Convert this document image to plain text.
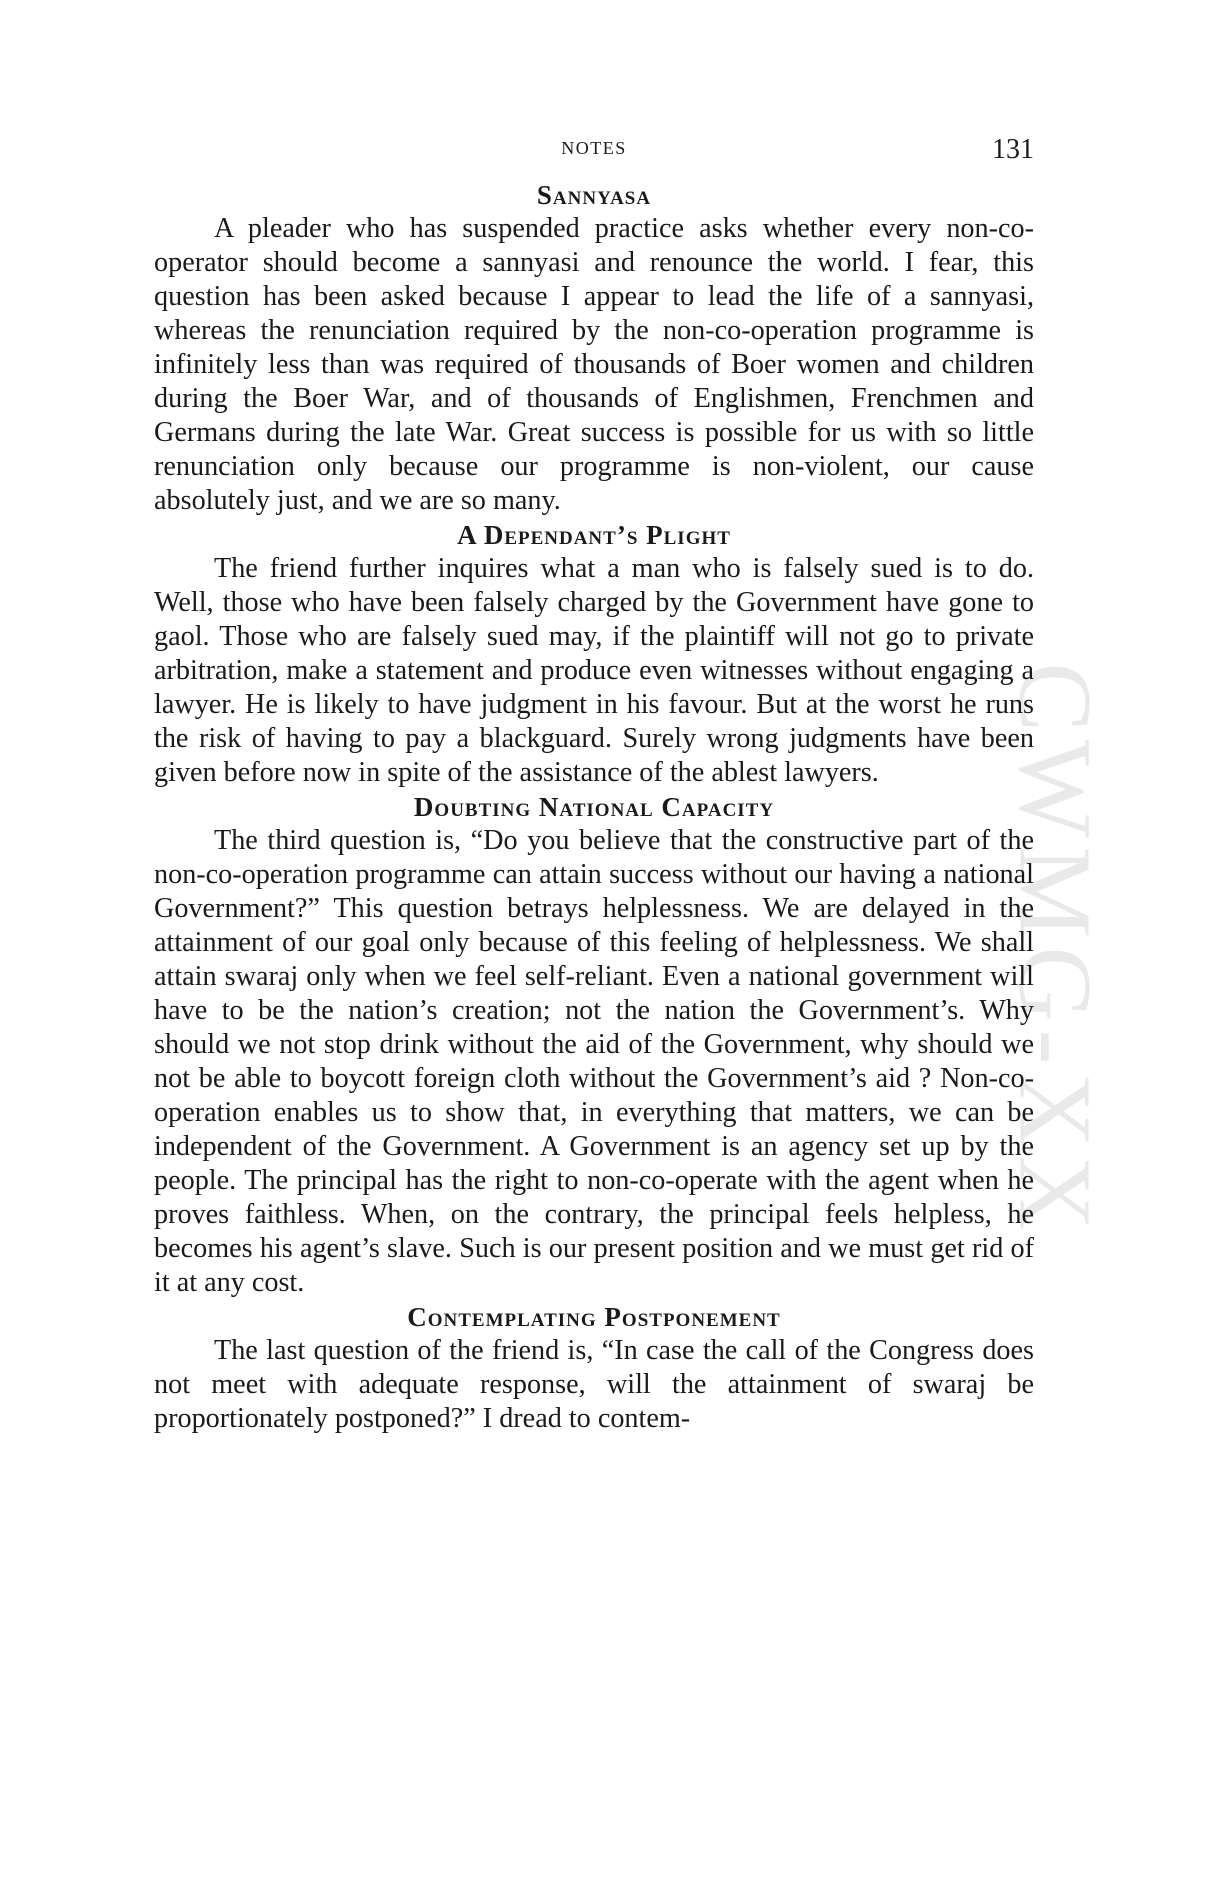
CWMG-XX
NOTES	131
Sannyasa

A pleader who has suspended practice asks whether every non-co-operator should become a sannyasi and renounce the world. I fear, this question has been asked because I appear to lead the life of a sannyasi, whereas the renunciation required by the non-co-operation programme is infinitely less than was required of thousands of Boer women and children during the Boer War, and of thousands of Englishmen, Frenchmen and Germans during the late War. Great success is possible for us with so little renunciation only because our programme is non-violent, our cause absolutely just, and we are so many.

A Dependant’s Plight

The friend further inquires what a man who is falsely sued is to do. Well, those who have been falsely charged by the Government have gone to gaol. Those who are falsely sued may, if the plaintiff will not go to private arbitration, make a statement and produce even witnesses without engaging a lawyer. He is likely to have judgment in his favour. But at the worst he runs the risk of having to pay a blackguard. Surely wrong judgments have been given before now in spite of the assistance of the ablest lawyers.

Doubting National Capacity

The third question is, “Do you believe that the constructive part of the non-co-operation programme can attain success without our having a national Government?” This question betrays helplessness. We are delayed in the attainment of our goal only because of this feeling of helplessness. We shall attain swaraj only when we feel self-reliant. Even a national government will have to be the nation’s creation; not the nation the Government’s. Why should we not stop drink without the aid of the Government, why should we not be able to boycott foreign cloth without the Government’s aid ? Non-co-operation enables us to show that, in everything that matters, we can be independent of the Government. A Government is an agency set up by the people. The principal has the right to non-co-operate with the agent when he proves faithless. When, on the contrary, the principal feels helpless, he becomes his agent’s slave. Such is our present position and we must get rid of it at any cost.

Contemplating Postponement

The last question of the friend is, “In case the call of the Congress does not meet with adequate response, will the attainment of swaraj be proportionately postponed?” I dread to contem-
